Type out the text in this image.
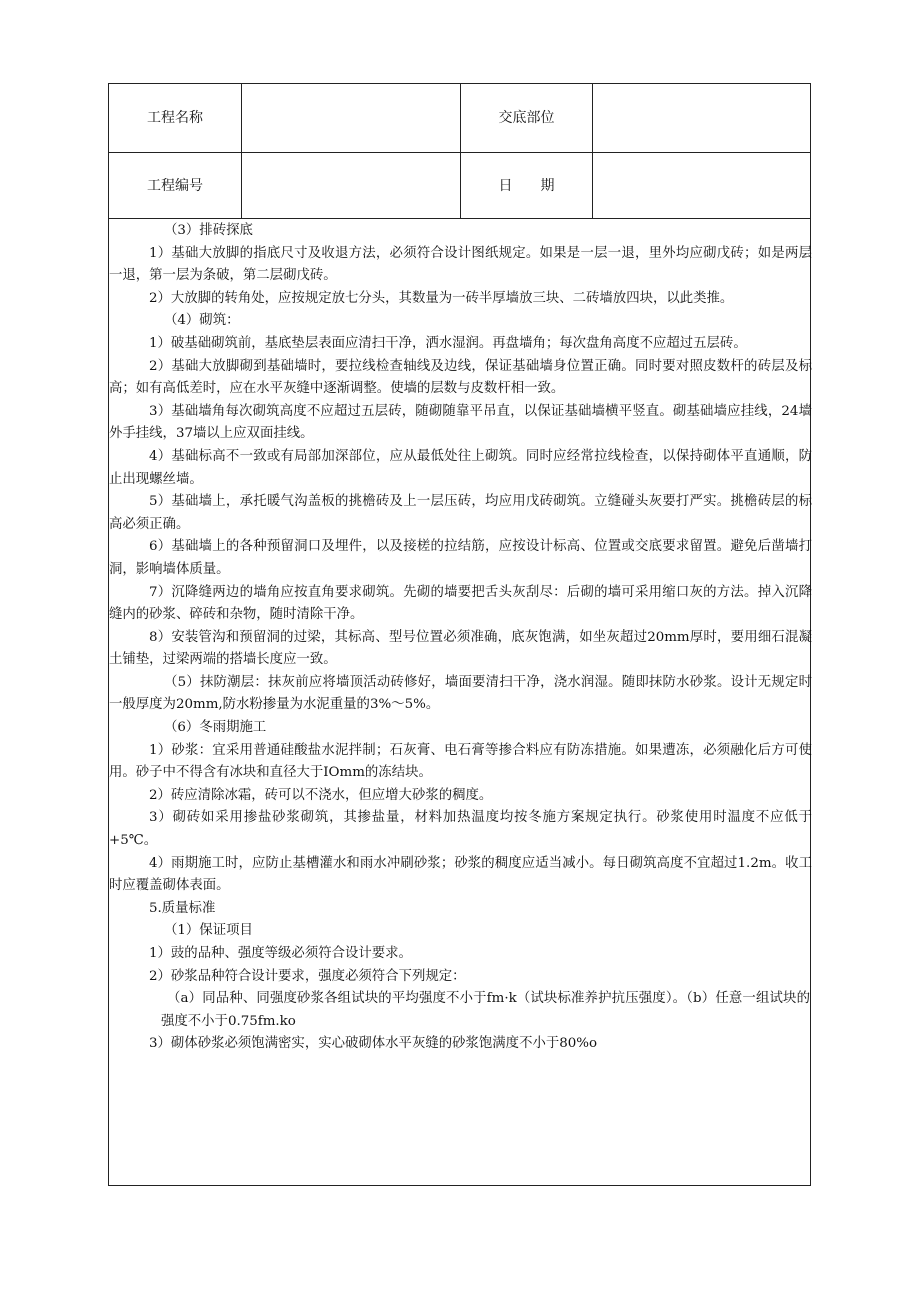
工程名称	交底部位
工程编号	日　　期

（3）排砖探底

1）基础大放脚的指底尺寸及收退方法，必须符合设计图纸规定。如果是一层一退，里外均应砌戊砖；如是两层一退，第一层为条破，第二层砌戊砖。

2）大放脚的转角处，应按规定放七分头，其数量为一砖半厚墙放三块、二砖墙放四块，以此类推。

（4）砌筑：

1）破基础砌筑前，基底垫层表面应清扫干净，洒水湿润。再盘墙角；每次盘角高度不应超过五层砖。

2）基础大放脚砌到基础墙时，要拉线检查轴线及边线，保证基础墙身位置正确。同时要对照皮数杆的砖层及标高；如有高低差时，应在水平灰缝中逐渐调整。使墙的层数与皮数杆相一致。

3）基础墙角每次砌筑高度不应超过五层砖，随砌随靠平吊直，以保证基础墙横平竖直。砌基础墙应挂线，24墙外手挂线，37墙以上应双面挂线。

4）基础标高不一致或有局部加深部位，应从最低处往上砌筑。同时应经常拉线检查，以保持砌体平直通顺，防止出现螺丝墙。

5）基础墙上，承托暖气沟盖板的挑檐砖及上一层压砖，均应用戊砖砌筑。立缝碰头灰要打严实。挑檐砖层的标高必须正确。

6）基础墙上的各种预留洞口及埋件，以及接槎的拉结筋，应按设计标高、位置或交底要求留置。避免后凿墙打洞，影响墙体质量。

7）沉降缝两边的墙角应按直角要求砌筑。先砌的墙要把舌头灰刮尽：后砌的墙可采用缩口灰的方法。掉入沉降缝内的砂浆、碎砖和杂物，随时清除干净。

8）安装管沟和预留洞的过梁，其标高、型号位置必须准确，底灰饱满，如坐灰超过20mm厚时，要用细石混凝土铺垫，过梁两端的搭墙长度应一致。

（5）抹防潮层：抹灰前应将墙顶活动砖修好，墙面要清扫干净，浇水润湿。随即抹防水砂浆。设计无规定时一般厚度为20mm,防水粉掺量为水泥重量的3%～5%。

（6）冬雨期施工

1）砂浆：宜采用普通硅酸盐水泥拌制；石灰膏、电石膏等掺合料应有防冻措施。如果遭冻，必须融化后方可使用。砂子中不得含有冰块和直径大于IOmm的冻结块。

2）砖应清除冰霜，砖可以不浇水，但应增大砂浆的稠度。

3）砌砖如采用掺盐砂浆砌筑，其掺盐量，材料加热温度均按冬施方案规定执行。砂浆使用时温度不应低于+5℃。

4）雨期施工时，应防止基槽灌水和雨水冲刷砂浆；砂浆的稠度应适当减小。每日砌筑高度不宜超过1.2m。收工时应覆盖砌体表面。

5.质量标准

（1）保证项目

1）豉的品种、强度等级必须符合设计要求。

2）砂浆品种符合设计要求，强度必须符合下列规定：

（a）同品种、同强度砂浆各组试块的平均强度不小于fm·k（试块标准养护抗压强度）。（b）任意一组试块的强度不小于0.75fm.ko

3）砌体砂浆必须饱满密实，实心破砌体水平灰缝的砂浆饱满度不小于80%o
